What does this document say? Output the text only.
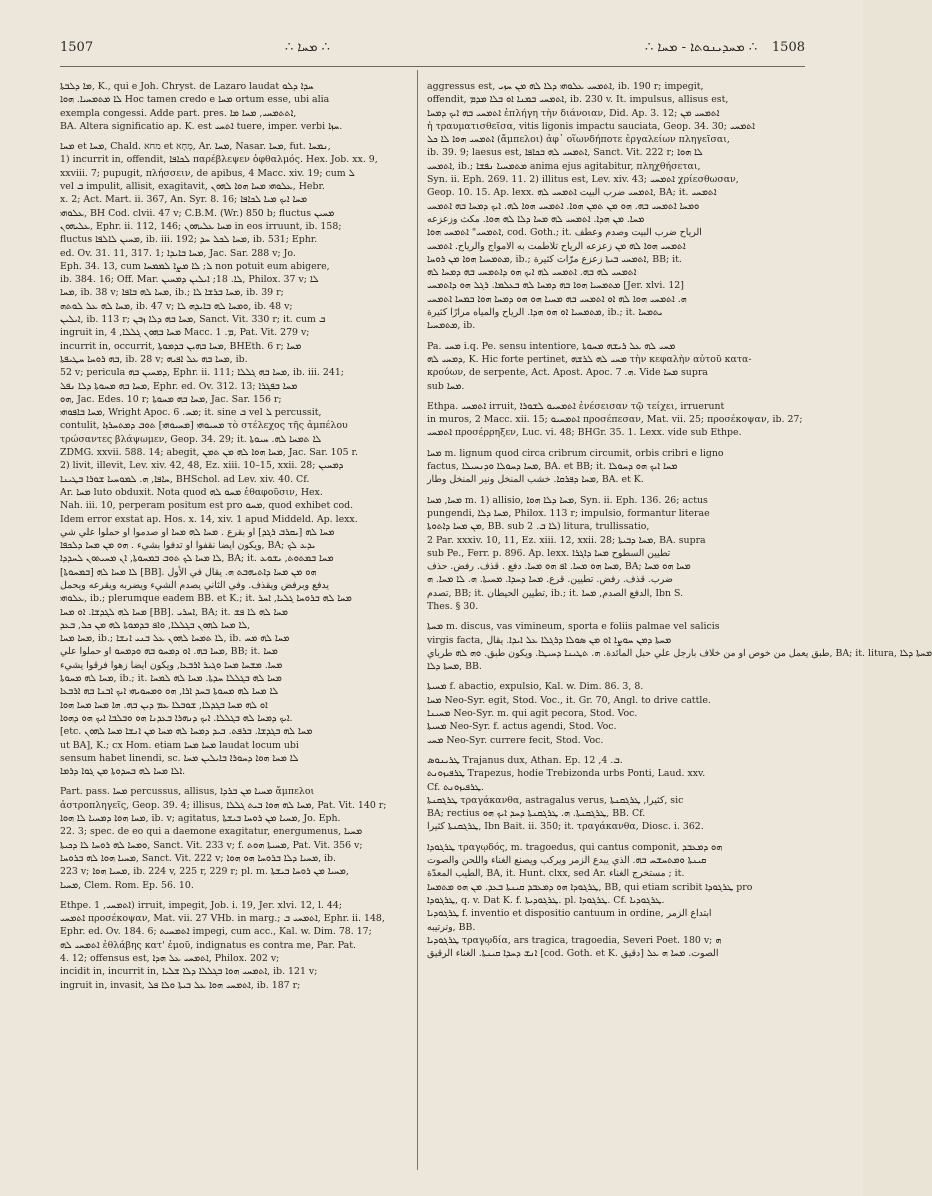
1507	∴ ܡܚܐ ∴	∴ ܡܚܕܝܢܘܬܐ - ܡܚܐ ∴ 1508
ܡܐ ܕܠܒܬܐ, K., qui e Joh. Chryst. de Lazaro laudat ܚܕܐ ܕܠܘ
ܠܐ ܡܬܡܚܝܐ. ܗܘܐ Hoc tamen credo e ܡܚܐ ortum esse, ubi alia
exempla congessi. Adde part. pres. ܐܬܬܡܚܝ, ܡܚܐ ܡܐ,
BA. Altera significatio ap. K. est ܐܬܚܝ tuere, imper. verbi ܚܙܐ.
ܡܚܐ et ܡܚܐ, Chald. מחא et מְחָא, Ar. ܡܚܐ, Nasar. ܡܚܐ, fut. ܢܡܚܐ,
1) incurrit in, offendit, ܠܟܐܦܐ παρέβλεψεν ὀφθαλμός. Hex. Job. xx. 9,
xxviii. 7; pupugit, πλήσσειν, de apibus, 4 Macc. xiv. 19; cum ܠ
vel ܒ impulit, allisit, exagitavit, ܥܠܘܗܝ ܡܚܐ ܗܘܐ ܠܗܘܢ, Hebr.
x. 2; Act. Mart. ii. 367, An. Syr. 8. 16; ܡܚܐ ܐܝܟ ܡܝܐ ܠܟܐܦܐ
ܥܠܘܗܝ, BH Cod. clvii. 47 v; C.B.M. (Wr.) 850 b; fluctus ܡܚܝܢ
ܥܠܝܗܘܢ, Ephr. ii. 112, 146; ܡܚܐ ܥܠܝܗܘܢ in eos irruunt, ib. 158;
fluctus ܡܚܝܢ ܠܐܠܦܐ, ib. iii. 192; ܡܚܐ ܠܟܠ ܚܕ, ib. 531; Ephr.
ed. Ov. 31. 11, 317. 1; ܡܚܐ ܒܐܝܕܐ, Jac. Sar. 288 v; Jo.
Eph. 34. 13, cum ܠ; ܠܐ ܡܨܐ ܠܡܡܚܐ non potuit eum abigere,
ib. 384. 16; Off. Mar. ܠܐ. 18; ܐܝܠܝܢ ܕܡܚܝܢ, Philox. 37 v; ܠܐ
ܡܚܐ, ib. 38 v; ܡܚܐ ܠܗ ܒܐܦܐ, ib.; ܡܚܐ ܒܪܫܐ ܠܐ, ib. 39 r;
ܡܚܐ ܠܗ ܥܠ ܠܘܬܗ, ib. 47 v; ܘܡܚܐ ܠܗ ܒܐܝܕܗ ܠܐ, ib. 48 v;
ܐܝܠܝܢ, ib. 113 r; ܡܚܐ ܒܗ ܕܠܐ ܙܒܢ, Sanct. Vit. 330 r; it. cum ܒ
ingruit in, ܡܚܐ ܒܗܘܢ ܓܠܠܐ, 4 Macc. ܡ. 1, Pat. Vit. 279 v;
incurrit in, occurrit, ܡܚܐ ܒܗܝܢ ܒܕܡܘܬܐ, BHEth. 6 r; ܡܚܐ
ܒܗ ܪܘܚܐ ܚܛܝܦܬܐ, ib. 28 v; ܡܚܐ ܒܗ ܥܠ ܐܦܝܗ, ib.
52 v; pericula ܕܡܚܝܢ ܒܗ, Ephr. ii. 111; ܡܚܐ ܒܗ ܓܠܠܐ, ib. iii. 241;
ܡܚܐ ܒܗ ܡܚܘܬܐ ܕܠܐ ܢܦܠ, Ephr. ed. Ov. 312. 13; ܡܚܐ ܒܦܓܪܐ
ܗܘ, Jac. Edes. 10 r; ܡܚܐ ܒܗ ܡܚܘܬܐ, Jac. Sar. 156 r;
ܡܚܐ ܒܐܦܘܗܝ, Wright Apoc. ܡܚ. 6; it. sine ܒ vel ܠ percussit,
contulit, ܡܚܝܘܗܝ [ܡܚܝܘܗܝ] ܬܘܒ ܕܡܬܚܪܙܐ τὸ στέλεχος τῆς ἀμπέλου
τρώσαντες βλάψωμεν, Geop. 34. 29; it. ܠܐ ܬܡܚܐ ܠܗ. ܚܝܘܬܐ
ZDMG. xxvii. 588. 14; abegit, ܡܚܐ ܗܘܐ ܠܗ ܡܢ ܬܡܢ, Jac. Sar. 105 r.
2) livit, illevit, Lev. xiv. 42, 48, Ez. xiii. 10–15, xxii. 28; ܕܡܚܝܢ
ܚܐܦܐ, ܗ. ܠܡܘܚܝܐ ܫܘܪܐ ܒܛܝܢܐ, BHSchol. ad Lev. xiv. 40. Cf.
Ar. ܡܚܐ luto obduxit. Nota quod ܡܚܘ ܠܗ ἐθαφοῦσιν, Hex.
Nah. iii. 10, perperam positum est pro ܡܚܘ, quod exhibet cod.
Idem error exstat ap. Hos. x. 14, xiv. 1 apud Middeld. Ap. lexx.
ܡܚܐ ܠܗ [ܝܩܪܒ ܪܓܕ] او بقرع . ܡܚܐ ܠܗ ܡܚܐ او صدموا او حملوا علي شي
ويكون ايضا نقفوا او تدفوا بشيء . ܗܘ ܡܢ ܡܚܐ ܕܠܟܦܐ, BA; ܝܕܥ ܠܟ
ܠܐ ܡܚܐ ܠܟ ܬܘܒ ܒܡܚܘܬܐ, ܐܢ ܡܚܝܬܘܢ ܠܚܕܕܐ, BA; it. ܡܚܐ ܒܡܬܘܬ, ܝܫܘܥ
ܠܐ ܡܚܐ ܠܗ [ܒܡܚܘܬܐ] [BB]. ܗܘ ܡܢ ܡܚܐ ܕܐܬܝܗܒܬ ܗ. يقال في الأول
يدفع وبرفض ويقذف. وفي الثاني يصدم الشيء ويضربه ويقرعه ويحمل
ܥܠܘܗܝ, ib.; plerumque eadem BB. et K.; it. ܡܚܐ ܠܗ ܒܪܘܚܐ ܓܠܝܐ, ܐܚܪ
ܡܚܐ ܠܗ ܠܓܕܫܐ. ܐܘ ܡܚܐ [BB]. ܐܚܪܝ, BA; it. ܡܚܐ ܠܗ ܠܐ ܦܫ
ܠܐ ܡܚܐ ܠܗܘܢ ܒܓܠܠܐ, ܘܐܦ ܒܕܡܘܬܐ ܠܗ ܡܢ ܟܠ, ܒܥܕ,
ܡܚܐ ܡܚܐ, ib.; ܠܐ ܬܡܚܐ ܠܗܘܢ ܥܠ ܒܢܝ ܐܢܫܐ, ib. ܡܚܐ ܠܗ ܡܚ
ܡܚܐ ܒܗ. ܐܘ ܕܡܚܘ ܒܗ ܘܕܡܚܘ او حملوا علي, BB; it. ܡܚܐ
ܡܚܐ. ܡܫܚܐ ܡܚܐ ܘܓܝܪ ܐܪܒܥܐ, ويكون ايضا زهوا فرقوا يشيء
ܡܚܐ ܠܗ ܡܚܘܬܐ, ib.; it. ܡܚܐ ܠܗ ܒܓܠܠܐ ܚܕܬܐ. ܡܚܐ ܠܗ ܠܡܚܐ
ܠܐ ܡܚܐ ܠܗ ܡܚܘܬܐ ܒܚܕ ܐܪܐ, ܗܘ ܘܡܚܘܝܗܝ ܐܝܟ ܐܒܢܐ ܒܗ ܐܪܒܥܐ
ܐܘ ܠܗ ܡܚܐ ܒܓܕܠܐ, ܫܘܒܠܐ ܥܡ ܕܝܢ ܒܗ. ܗܐ ܡܚܐ ܡܚܐ ܗܘܐ
ܐܝܟ ܕܡܚܐ ܠܗ ܒܓܠܠܐ. ܐܝܟ ܕܢܗܪܐ ܒܥܕܢܐ ܗܘ ܘܒܠܒܐ ܐܝܟ ܗܘ ܕܗܘܐ.
[etc. ܡܚܐ ܠܗ ܒܓܕܫܐ. ܒܪܦܬ. ܒܝܕ ܕܡܚܐ ܠܗ ܡܚܐ ܡܢ ܐܢܫܐ ܡܚܐ ܠܗܘܢ
ut BA], K.; cx Hom. etiam ܡܚܐ ܡܚܐ laudat locum ubi
sensum habet linendi, sc. ܠܐ ܡܚܐ ܗܘܐ ܕܚܘܪܐ ܒܐܝܠܝܢ ܡܚܐ
ܐܠܐ ܡܚܐ ܠܗ ܒܚܕܘܬܐ ܡܢ ܓܘܐ ܕܪܡܐ.
Part. pass. ܡܚܐ percussus, allisus, ܡܚܝܐ ܡܢ ܒܪܕܐ ἄμπελοι
ἀστροπληγεῖς, Geop. 39. 4; illisus, ܡܚܐ ܠܗ ܗܘܐ ܒܝܬ ܓܠܠܐ, Pat. Vit. 140 r;
ܡܚܐ ܗܘܐ ܕܡܚܝܐ ܠܐ ܗܘܐ, ib. v; agitatus, ܡܚܝܐ ܡܢ ܪܘܚܐ ܒܝܫܬܐ, Jo. Eph.
22. 3; spec. de eo qui a daemone exagitatur, energumenus, ܡܚܝܐ
ܘܡܚܐ ܠܗ ܪܘܚܐ ܠܐ ܕܟܝܬܐ, Sanct. Vit. 233 v; f. ܡܚܝܬܐ ܗܘܬ, Pat. Vit. 356 v;
ܡܚܝܐ ܗܘܐ ܠܗ ܒܪܘܚܐ, Sanct. Vit. 222 v; ܡܚܝܐ ܕܠܐ ܒܪܘܚܐ ܗܘ ܗܘܐ, ib.
223 v; ܡܚܝܐ ܗܘܐ, ib. 224 v, 225 r, 229 r; pl. m. ܡܚܝܐ ܡܢ ܪܘܚܐ ܒܝܫܬܐ,
ܡܚܝܐ, Clem. Rom. Ep. 56. 10.
Ethpe. ܐܬܡܚܝ, 1) irruit, impegit, Job. i. 19, Jer. xlvi. 12, l. 44;
ܐܬܡܚܝ προσέκοψαν, Mat. vii. 27 VHb. in marg.; ܐܬܡܚܝ ܒ, Ephr. ii. 148,
Ephr. ed. Ov. 184. 6; ܐܬܡܚܝܬ impegi, cum acc., Kal. w. Dim. 78. 17;
ܐܬܡܚܝ ܠܗ ἐθλάβης κατ' ἐμοῦ, indignatus es contra me, Par. Pat.
4. 12; offensus est, ܐܬܡܚܝ ܥܠ ܗܕܐ, Philox. 202 v;
incidit in, incurrit in, ܐܬܡܚܝ ܗܘܐ ܒܓܠܠܐ ܕܠܐ ܫܠܝܐ, ib. 121 v;
ingruit in, invasit, ܐܬܡܚܝ ܗܘܐ ܥܠ ܒܝܬܐ ܘܠܐ ܦܠ, ib. 187 r;
aggressus est, ܐܬܡܚܝ ܥܠܘܗܝ ܕܠܐ ܠܗ ܡܢ ܚܙܝ, ib. 190 r; impegit,
offendit, ܐܬܡܚܝ ܒܡܢܐ ܐܘ ܒܠܐ ܡܕܡ, ib. 230 v. It. impulsus, allisus est,
ܐܬܡܚܝ ܒܗ ܐܝܟ ܕܡܚܐ ἐπλήγη τὴν διάνοιαν, Did. Ap. 3. 12; ܐܬܡܚܝ ܡܢ
ἡ τραυματισθεῖσα, vitis ligonis impactu sauciata, Geop. 34. 30; ܐܬܡܚܝ
ܐܬܡܚܝ ܗܘܐ ܠܐ ܟܠ (ἄμπελοι) ἀφ᾽ οἵωνδήποτε ἐργαλείων πληγεῖσαι,
ib. 39. 9; laesus est, ܐܬܡܚܝ ܠܗ ܒܟܐܦܐ, Sanct. Vit. 222 r; ܠܐ ܗܘܐ
ܐܬܡܚܝ, ib.; ܡܬܡܚܝܐ ܢܦܫܐ anima ejus agitabitur, πληχθήσεται,
Syn. ii. Eph. 269. 11. 2) illitus est, Lev. xiv. 43; ܐܬܡܚܝ χρίεσθωσαν,
Geop. 10. 15. Ap. lexx. ܐܬܡܚܝ ضرب البيت ܐܬܡܚܝ ܠܗ, BA; it. ܐܬܡܚܝ
ܘܡܚܐ ܐܬܡܚܝ ܒܗ. ܗܘ ܡܢ ܬܡܢ ܗܘܐ. ܐܬܡܚܝ ܗܘܐ ܠܗ. ܐܝܟ ܕܡܚܐ ܒܗ ܐܬܡܚܝ
ܡܚܐ. ܡܢ ܗܕܐ. ܐܬܡܚܝ ܠܗ ܡܚܐ ܕܠܐ ܠܗ ܗܘܐ. مكث وزعزعه
ܐܬܡܚܝ" ܐܬܡܚܝ ܗܘܐ, cod. Goth.; it. الرياح ضرب البيت وصدم وعطف
ܐܬܡܚܝ ܗܘܐ ܠܗ ܡܢ زعزعه الرياح تلاطمت به الامواج والرياح. ܐܬܡܚܝ
ܡܬܡܚܝܐ ܗܘܐ ܡܢ ܪܘܚܐ, ib.; ܐܬܡܚܝ ܒܝܬܐ زعزع مرّات كثيرة, BB; it.
ܐܬܡܚܝ ܠܗ ܒܗ. ܐܬܡܚܝ ܠܗ ܐܝܟ ܗܘ ܕܐܬܡܚܝ ܒܗ ܕܡܚܐ ܠܗ
ܡܬܡܚܝܐ ܗܘܐ ܒܗ ܕܡܚܐ ܠܗ ܒܥܠܡܐ. ܪܓܠ ܗܘ ܕܐܬܡܚܝ [Jer. xlvi. 12]
ܗ. ܐܬܡܚܝ ܗܘܐ ܠܗ ܐܘ ܐܬܡܚܝ ܒܗ ܡܚܝܐ ܗܘ ܗܘ ܕܡܚܐ ܗܘܐ ܒܡܚܐ ܐܬܡܚܝ
ܡܬܡܚܝܐ ܐܘ ܗܘ ܗܕܐ. الرياح والمياه مرارًا كثيرة, ib.; it. ܝܬܡܚܐ
ܡܬܡܚܝܐ, ib.
Pa. ܡܚܝ i.q. Pe. sensu intentiore, ܡܚܝ ܠܗ ܥܠ ܪܝܫܗ ܡܚܘܬܐ
ܕܡܚܝ ܠܗ, K. Hic forte pertinet, ܡܚܝ ܠܗ ܠܪܫܗ τὴν κεφαλὴν αὐτοῦ κατα-
κρούων, de serpente, Act. Apost. Apoc. ܗ. 7. Vide ܡܚܐ supra
sub ܡܚܐ.
Ethpa. ܐܬܡܚܝ irruit, ܐܬܡܚܝܘ ܠܫܘܪܐ ἐνέσεισαν τῷ τείχει, irruerunt
in muros, 2 Macc. xii. 15; ܐܬܡܚܝܘ προσέπεσαν, Mat. vii. 25; προσέκοψαν, ib. 27;
ܐܬܡܚܝ προσέρρηξεν, Luc. vi. 48; BHGr. 35. 1. Lexx. vide sub Ethpe.
ܡܚܐ m. lignum quod circa cribrum circumit, orbis cribri e ligno
factus, ܡܚܐ ܕܚܘܠܐ ܘܕܢܚܝܠܐ, BA. et BB; it. ܡܚܐ ܐܝܟ ܗܘ ܕܚܘܠܐ
ܡܚܐ ܕܦܪܩܐ. خشب المنخل ونير المنخل وطار, BA. et K.
ܡܚܐ, ܡܚܐ m. 1) allisio, ܡܚܐ ܕܠܐ ܗܘܐ, Syn. ii. Eph. 136. 26; actus
pungendi, ܡܚܐ ܕܠܐ, Philox. 113 r; impulsio, formantur literae
ܡܢ ܡܚܐ ܕܐܬܘܬܐ, BB. sub ܠܐ ܒ. 2) litura, trullissatio,
2 Par. xxxiv. 10, 11, Ez. xiii. 12, xxii. 28; ܡܚܐ ܕܒܝܬܐ, BA. supra
sub Pe., Ferr. p. 896. Ap. lexx. تطيين السطوح ܡܚܐ ܕܐܓܪܐ
ܡܚܐ ܗܘ ܡܚܐ. ܐܦ ܗܘ ܡܚܐ. دفع . قذف. رفض. حذف, BA; ܡܚܐ ܗܘ ܡܚܐ
ضرب. قذف. رفض. تطيين. قرع. ܡܚܐ ܕܚܕܐ. ܡܚܝܬܐ. ܗ. ܠܐ ܡܚܐ. ܗ
تصدم, BB; it. تطيين الحيطان, ib.; it. الدفع الصدم, ܡܚܐ, Ibn S.
Thes. § 30.
ܡܚܬܐ m. discus, vas vimineum, sporta e foliis palmae vel salicis
virgis facta, ܡܚܬܐ ܕܡܢ ܚܘܨܐ ܐܘ ܡܢ ܣܘܠܐ ܕܪܓܠܐ ܥܠ ܐܝܕܐ. يقال
طبق يعمل من خوص او من خلاف بارجل علي حبل المائدة. ܗ. ܬܛܝܢܐ ܕܚܝܛܐ. ويكون طبق. ܘܗ ܠܗ طرباي, BA; it. litura, ܡܚܬܐ ܕܠܐ
ܡܚܬܐ ܕܠܐ, BB.
ܡܚܝܬܐ f. abactio, expulsio, Kal. w. Dim. 86. 3, 8.
ܡܚܐ Neo-Syr. egit, Stod. Voc., it. Gr. 70, Angl. to drive cattle.
ܡܚܝܢܐ Neo-Syr. m. qui agit pecora, Stod. Voc.
ܡܚܝܬܐ Neo-Syr. f. actus agendi, Stod. Voc.
ܡܚܝ Neo-Syr. currere fecit, Stod. Voc.
ܛܪܝܢܘܣ Trajanus dux, Athan. Ep. ܒ. 4, 12.
ܛܪܦܝܙܘܢܬ Trapezus, hodie Trebizonda urbs Ponti, Laud. xxv.
Cf. ܛܪܦܝܙܘܢܬ.
ܛܪܓܩܢܬܐ τραγάκανθα, astragalus verus, كثيرا, ܛܪܓܩܢܬܐ, sic
BA; rectius ܛܪܓܩܢܬܐ. ܗ. ܛܪܓܩܢܬܐ ܕܚܕ ܐܝܟ ܗܘ, BB. Cf.
ܛܪܓܩܢܬܐ كثيرا, Ibn Bait. ii. 350; it. τραγάκανθα, Diosc. i. 362.
ܛܪܓܘܕܐ τραγῳδός, m. tragoedus, qui cantus componit, ܗܘ ܕܡܥܒܕ
ܩܝܢܬܐ ܘܡܬܚܫܚ ܒܗ. الذي يبدع الزمر ويركب ويصنع الغناء واللحن والصوت
الطيب المعدّة, BA, it. Hunt. clxx, sed Ar. مستخرج الغناء ; it.
ܛܪܓܘܕܐ ܗܘ ܕܡܥܒܕ ܩܝܢܬܐ ܒܥܕ. ܡܢ ܗܘ ܡܬܡܚܐ, BB, qui etiam scribit ܛܪܓܘܕܐ pro
ܛܪܓܘܕܐ, q. v. Dat K. f. ܛܪܓܘܕܝܬܐ. pl. ܛܪܓܘܕܐ. Cf. ܛܪܓܘܕܝܐ.
ܛܪܓܘܕܝܐ f. inventio et dispositio cantuum in ordine, ابتداع الزمر
وترتيبه, BB.
ܛܪܓܘܕܝܐ τραγῳδία, ars tragica, tragoedia, Severi Poet. 180 v; ܗ
ܐܢܫ ܕܚܕܐ ܩܝܢܬܐ. الغناء الرقيق [cod. Goth. et K. دقيق] الصوت. ܡܚܐ ܗ ܥܠ
